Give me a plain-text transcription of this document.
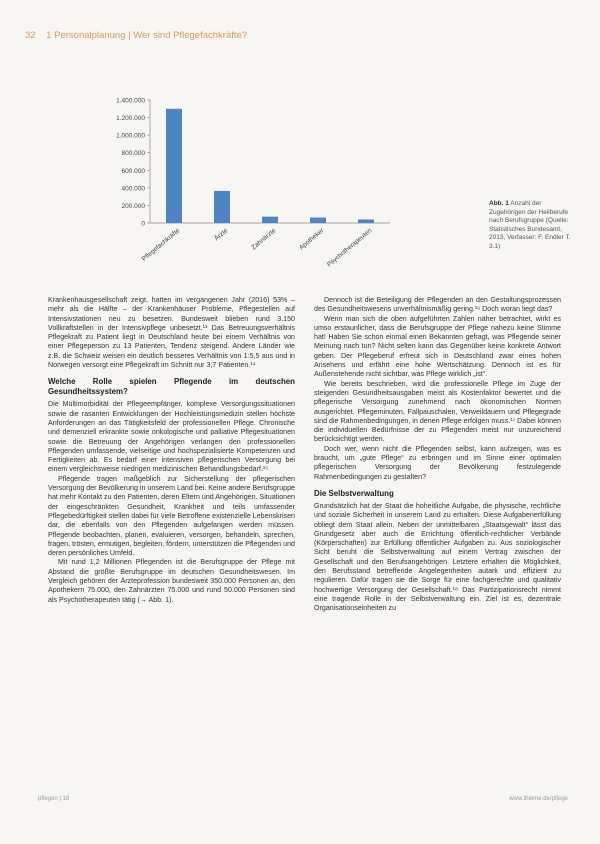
32 1 Personalplanung | Wer sind Pflegefachkräfte?
1.400.000
1.200.000
1.000.000
800.000
600.000
400.000
200.000
0
Pflegefachkräfte	Ärzte	Zahnärzte	Apotheker Psychotherapeuten
Abb. 1 Anzahl der Zugehörigen der Heilberufe nach Berufsgruppe (Quelle: Statistisches Bundesamt, 2013, Verfasser: F. Endler T. 3.1)

Krankenhausgesellschaft zeigt, hatten im vergangenen Jahr (2016) 53% – mehr als die Hälfte – der Krankenhäuser Probleme, Pflegestellen auf Intensivstationen neu zu besetzen. Bundesweit blieben rund 3.150 Vollkraftstellen in der Intensivpflege unbesetzt.¹³ Das Betreuungsverhältnis Pflegekraft zu Patient liegt in Deutschland heute bei einem Verhältnis von einer Pflegeperson zu 13 Patienten, Tendenz steigend. Andere Länder wie z.B. die Schweiz weisen ein deutlich besseres Verhältnis von 1:5,5 aus und in Norwegen versorgt eine Pflegekraft im Schnitt nur 3,7 Patienten.¹⁴

Welche Rolle spielen Pflegende im deutschen Gesundheitssystem?

Die Multimorbidität der Pflegeempfänger, komplexe Versorgungssituationen sowie die rasanten Entwicklungen der Hochleistungsmedizin stellen höchste Anforderungen an das Tätigkeitsfeld der professionellen Pflege. Chronische und demenziell erkrankte sowie onkologische und palliative Pflegesituationen sowie die Betreuung der Angehörigen verlangen den professionellen Pflegenden umfassende, vielseitige und hochspezialisierte Kompetenzen und Fertigkeiten ab. Es bedarf einer intensiven pflegerischen Versorgung bei einem vergleichsweise niedrigen medizinischen Behandlungsbedarf.¹⁵

Pflegende tragen maßgeblich zur Sicherstellung der pflegerischen Versorgung der Bevölkerung in unserem Land bei. Keine andere Berufsgruppe hat mehr Kontakt zu den Patienten, deren Eltern und Angehörigen. Situationen der eingeschränkten Gesundheit, Krankheit und teils umfassender Pflegebedürftigkeit stellen dabei für viele Betroffene existenzielle Lebenskrisen dar, die ebenfalls von den Pflegenden aufgefangen werden müssen. Pflegende beobachten, planen, evaluieren, versorgen, behandeln, sprechen, fragen, trösten, ermutigen, begleiten, fördern, unterstützen die Pflegenden und deren persönliches Umfeld.

Mit rund 1,2 Millionen Pflegenden ist die Berufsgruppe der Pflege mit Abstand die größte Berufsgruppe im deutschen Gesundheitswesen. Im Vergleich gehören der Ärzteprofession bundesweit 350.000 Personen an, den Apothekern 75.000, den Zahnärzten 75.000 und rund 50.000 Personen sind als Psychotherapeuten tätig (→ Abb. 1).

Dennoch ist die Beteiligung der Pflegenden an den Gestaltungsprozessen des Gesundheitswesens unverhältnismäßig gering.¹⁶ Doch woran liegt das?

Wenn man sich die oben aufgeführten Zahlen näher betrachtet, wirkt es umso erstaunlicher, dass die Berufsgruppe der Pflege nahezu keine Stimme hat! Haben Sie schon einmal einen Bekannten gefragt, was Pflegende seiner Meinung nach tun? Nicht selten kann das Gegenüber keine konkrete Antwort geben. Der Pflegeberuf erfreut sich in Deutschland zwar eines hohen Ansehens und erfährt eine hohe Wertschätzung. Dennoch ist es für Außenstehende nicht sichtbar, was Pflege wirklich „ist“.

Wie bereits beschrieben, wird die professionelle Pflege im Zuge der steigenden Gesundheitsausgaben meist als Kostenfaktor bewertet und die pflegerische Versorgung zunehmend nach ökonomischen Normen ausgerichtet. Pflegeminuten, Fallpauschalen, Verweildauern und Pflegegrade sind die Rahmenbedingungen, in denen Pflege erfolgen muss.¹⁷ Dabei können die individuellen Bedürfnisse der zu Pflegenden meist nur unzureichend berücksichtigt werden.

Doch wer, wenn nicht die Pflegenden selbst, kann aufzeigen, was es braucht, um „gute Pflege“ zu erbringen und im Sinne einer optimalen pflegerischen Versorgung der Bevölkerung festzulegende Rahmenbedingungen zu gestalten?

Die Selbstverwaltung

Grundsätzlich hat der Staat die hoheitliche Aufgabe, die physische, rechtliche und soziale Sicherheit in unserem Land zu erhalten. Diese Aufgabenerfüllung obliegt dem Staat allein. Neben der unmittelbaren „Staatsgewalt“ lässt das Grundgesetz aber auch die Errichtung öffentlich-rechtlicher Verbände (Körperschaften) zur Erfüllung öffentlicher Aufgaben zu. Aus soziologischer Sicht beruht die Selbstverwaltung auf einem Vertrag zwischen der Gesellschaft und den Berufsangehörigen. Letztere erhalten die Möglichkeit, den Berufsstand betreffende Angelegenheiten autark und effizient zu regulieren. Dafür tragen sie die Sorge für eine fachgerechte und qualitativ hochwertige Versorgung der Gesellschaft.¹⁸ Das Partizipationsrecht nimmt eine tragende Rolle in der Selbstverwaltung ein. Ziel ist es, dezentrale Organisationseinheiten zu

pflegen | 18	www.thieme.de/pflege
